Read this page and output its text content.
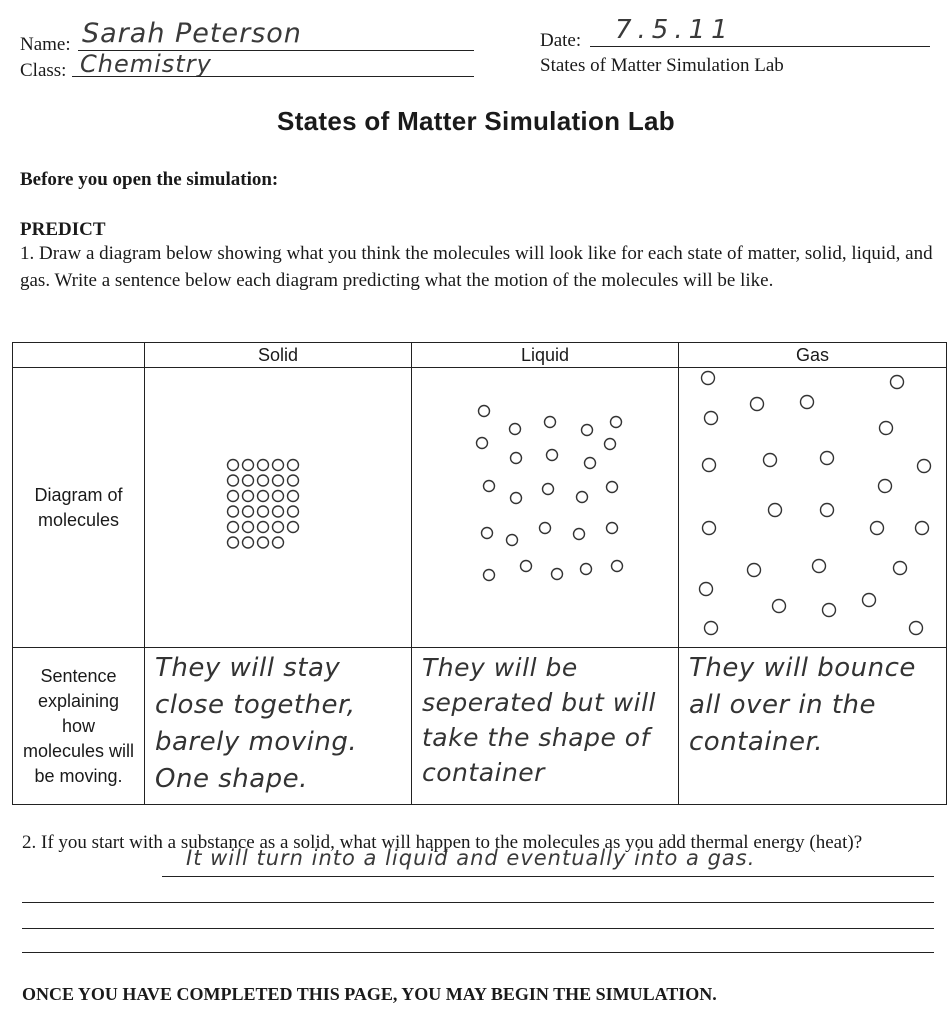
Name: Sarah Peterson
Class: Chemistry
Date: 7.5.11
States of Matter Simulation Lab
States of Matter Simulation Lab
Before you open the simulation:
PREDICT
1. Draw a diagram below showing what you think the molecules will look like for each state of matter, solid, liquid, and gas. Write a sentence below each diagram predicting what the motion of the molecules will be like.
	Solid	Liquid	Gas

Diagram of molecules

Sentence explaining how molecules will be moving.	They will stay close together, barely moving. One shape.	They will be seperated but will take the shape of container	They will bounce all over in the container.
2. If you start with a substance as a solid, what will happen to the molecules as you add thermal energy (heat)?
It will turn into a liquid and eventually into a gas.
ONCE YOU HAVE COMPLETED THIS PAGE, YOU MAY BEGIN THE SIMULATION.
